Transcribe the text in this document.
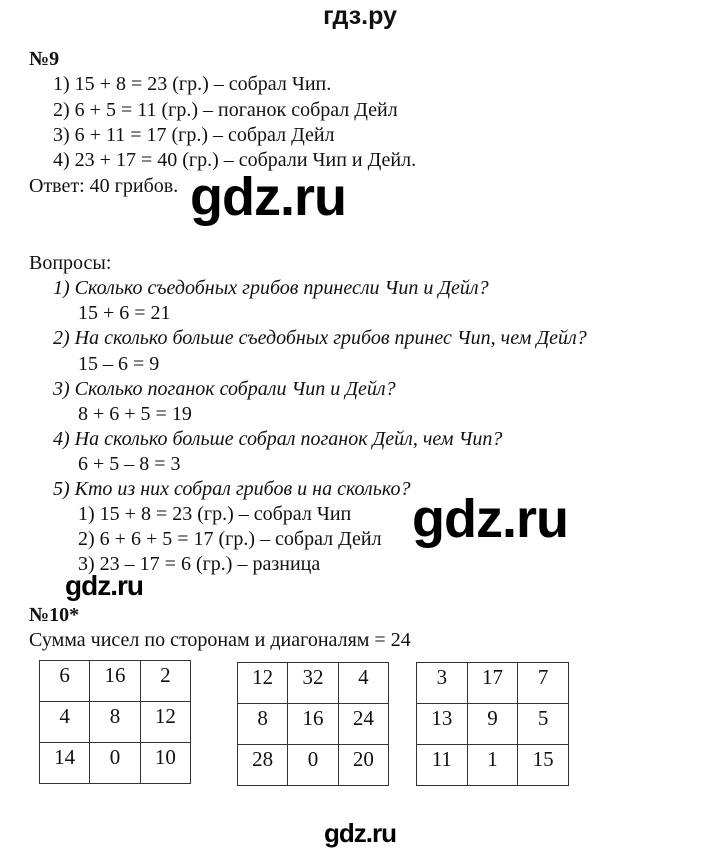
гдз.ру
№9
1) 15 + 8 = 23 (гр.) – собрал Чип.
2) 6 + 5 = 11 (гр.) – поганок собрал Дейл
3) 6 + 11 = 17 (гр.) – собрал Дейл
4) 23 + 17 = 40 (гр.) – собрали Чип и Дейл.
Ответ: 40 грибов. gdz.ru
Вопросы:
1) Сколько съедобных грибов принесли Чип и Дейл?
15 + 6 = 21
2) На сколько больше съедобных грибов принес Чип, чем Дейл?
15 – 6 = 9
3) Сколько поганок собрали Чип и Дейл?
8 + 6 + 5 = 19
4) На сколько больше собрал поганок Дейл, чем Чип?
6 + 5 – 8 = 3
5) Кто из них собрал грибов и на сколько?
1) 15 + 8 = 23 (гр.) – собрал Чип
2) 6 + 6 + 5 = 17 (гр.) – собрал Дейл
3) 23 – 17 = 6 (гр.) – разница
gdz.ru
gdz.ru
№10*
Сумма чисел по сторонам и диагоналям = 24
6	16	2
4	8	12
14	0	10
12	32	4
8	16	24
28	0	20
3	17	7
13	9	5
11	1	15
gdz.ru
